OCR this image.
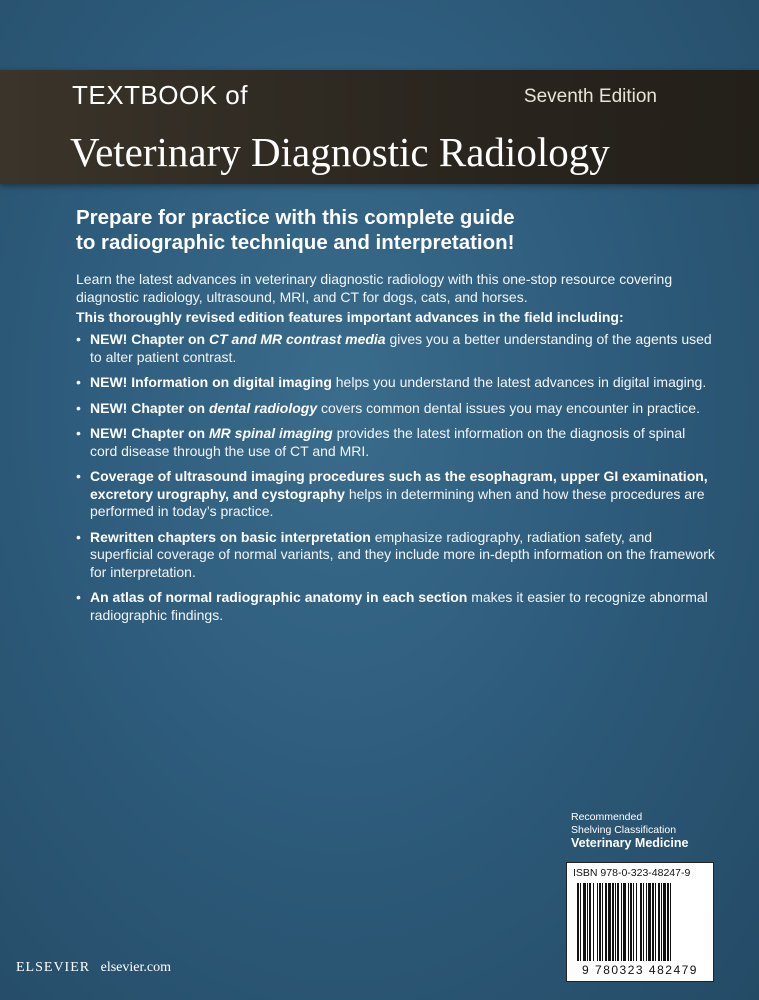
TEXTBOOK of	Seventh Edition
Veterinary Diagnostic Radiology
Prepare for practice with this complete guide
to radiographic technique and interpretation!
Learn the latest advances in veterinary diagnostic radiology with this one-stop resource covering diagnostic radiology, ultrasound, MRI, and CT for dogs, cats, and horses.
This thoroughly revised edition features important advances in the field including:
• NEW! Chapter on CT and MR contrast media gives you a better understanding of the agents used to alter patient contrast.
• NEW! Information on digital imaging helps you understand the latest advances in digital imaging.
• NEW! Chapter on dental radiology covers common dental issues you may encounter in practice.
• NEW! Chapter on MR spinal imaging provides the latest information on the diagnosis of spinal cord disease through the use of CT and MRI.
• Coverage of ultrasound imaging procedures such as the esophagram, upper GI examination, excretory urography, and cystography helps in determining when and how these procedures are performed in today’s practice.
• Rewritten chapters on basic interpretation emphasize radiography, radiation safety, and superficial coverage of normal variants, and they include more in-depth information on the framework for interpretation.
• An atlas of normal radiographic anatomy in each section makes it easier to recognize abnormal radiographic findings.
Recommended
Shelving Classification
Veterinary Medicine
ISBN 978-0-323-48247-9
9 780323 482479
ELSEVIER elsevier.com
